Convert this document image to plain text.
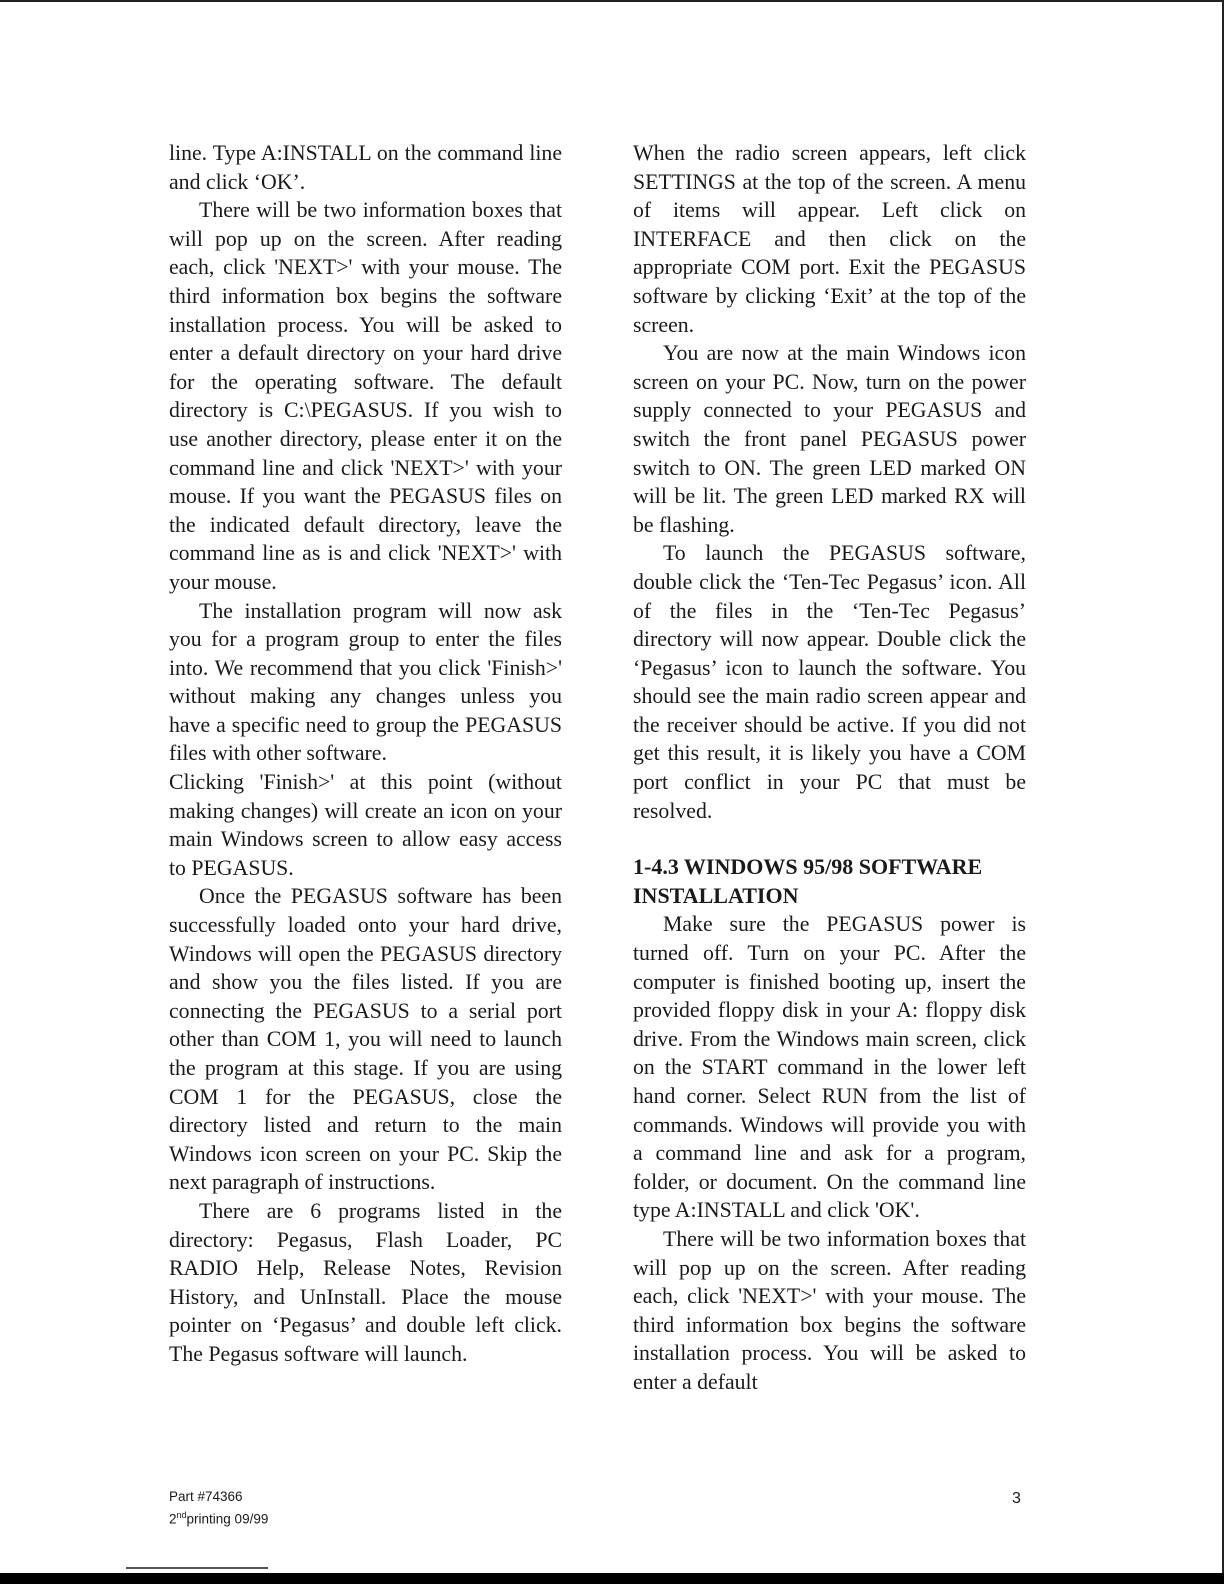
line. Type A:INSTALL on the command line and click ‘OK’.

There will be two information boxes that will pop up on the screen. After reading each, click 'NEXT>' with your mouse. The third information box begins the software installation process. You will be asked to enter a default directory on your hard drive for the operating software. The default directory is C:\PEGASUS. If you wish to use another directory, please enter it on the command line and click 'NEXT>' with your mouse. If you want the PEGASUS files on the indicated default directory, leave the command line as is and click 'NEXT>' with your mouse.

The installation program will now ask you for a program group to enter the files into. We recommend that you click 'Finish>' without making any changes unless you have a specific need to group the PEGASUS files with other software.

Clicking 'Finish>' at this point (without making changes) will create an icon on your main Windows screen to allow easy access to PEGASUS.

Once the PEGASUS software has been successfully loaded onto your hard drive, Windows will open the PEGASUS directory and show you the files listed. If you are connecting the PEGASUS to a serial port other than COM 1, you will need to launch the program at this stage. If you are using COM 1 for the PEGASUS, close the directory listed and return to the main Windows icon screen on your PC. Skip the next paragraph of instructions.

There are 6 programs listed in the directory: Pegasus, Flash Loader, PC RADIO Help, Release Notes, Revision History, and UnInstall. Place the mouse pointer on ‘Pegasus’ and double left click. The Pegasus software will launch.

When the radio screen appears, left click SETTINGS at the top of the screen. A menu of items will appear. Left click on INTERFACE and then click on the appropriate COM port. Exit the PEGASUS software by clicking ‘Exit’ at the top of the screen.

You are now at the main Windows icon screen on your PC. Now, turn on the power supply connected to your PEGASUS and switch the front panel PEGASUS power switch to ON. The green LED marked ON will be lit. The green LED marked RX will be flashing.

To launch the PEGASUS software, double click the ‘Ten-Tec Pegasus’ icon. All of the files in the ‘Ten-Tec Pegasus’ directory will now appear. Double click the ‘Pegasus’ icon to launch the software. You should see the main radio screen appear and the receiver should be active. If you did not get this result, it is likely you have a COM port conflict in your PC that must be resolved.

1-4.3 WINDOWS 95/98 SOFTWARE INSTALLATION

Make sure the PEGASUS power is turned off. Turn on your PC. After the computer is finished booting up, insert the provided floppy disk in your A: floppy disk drive. From the Windows main screen, click on the START command in the lower left hand corner. Select RUN from the list of commands. Windows will provide you with a command line and ask for a program, folder, or document. On the command line type A:INSTALL and click 'OK'.

There will be two information boxes that will pop up on the screen. After reading each, click 'NEXT>' with your mouse. The third information box begins the software installation process. You will be asked to enter a default

Part #74366
2ndprinting 09/99
3
